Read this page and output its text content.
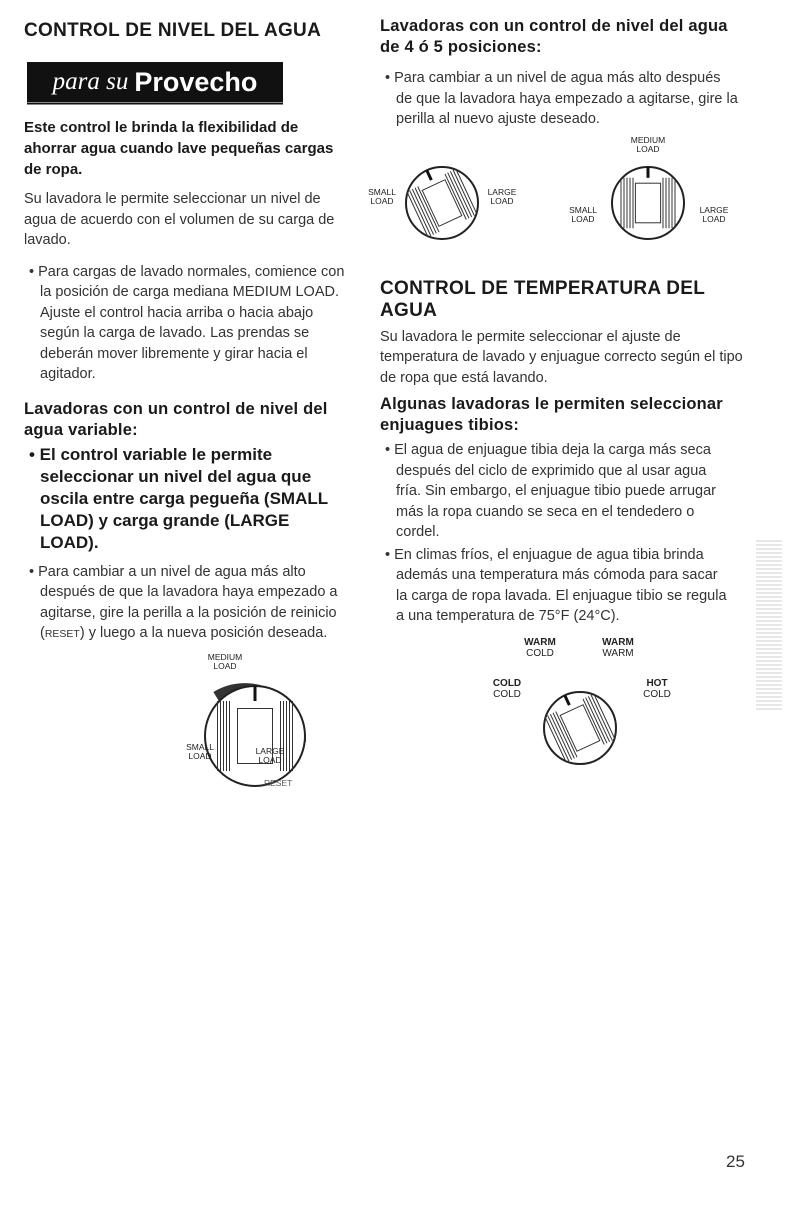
CONTROL DE NIVEL DEL AGUA
para su Provecho

Este control le brinda la flexibilidad de ahorrar agua cuando lave pequeñas cargas de ropa.

Su lavadora le permite seleccionar un nivel de agua de acuerdo con el volumen de su carga de lavado.

• Para cargas de lavado normales, comience con la posición de carga mediana MEDIUM LOAD. Ajuste el control hacia arriba o hacia abajo según la carga de lavado. Las prendas se deberán mover libremente y girar hacia el agitador.

Lavadoras con un control de nivel del agua variable:

• El control variable le permite seleccionar un nivel del agua que oscila entre carga pegueña (SMALL LOAD) y carga grande (LARGE LOAD).

• Para cambiar a un nivel de agua más alto después de que la lavadora haya empezado a agitarse, gire la perilla a la posición de reinicio (RESET) y luego a la nueva posición deseada.

MEDIUM LOAD
SMALL LOAD	LARGE LOAD
RESET
Lavadoras con un control de nivel del agua de 4 ó 5 posiciones:

• Para cambiar a un nivel de agua más alto después de que la lavadora haya empezado a agitarse, gire la perilla al nuevo ajuste deseado.

SMALL LOAD
LARGE LOAD
MEDIUM LOAD
SMALL LOAD
LARGE LOAD
CONTROL DE TEMPERATURA DEL AGUA

Su lavadora le permite seleccionar el ajuste de temperatura de lavado y enjuague correcto según el tipo de ropa que está lavando.

Algunas lavadoras le permiten seleccionar enjuagues tibios:

• El agua de enjuague tibia deja la carga más seca después del ciclo de exprimido que al usar agua fría. Sin embargo, el enjuague tibio puede arrugar más la ropa cuando se seca en el tendedero o cordel.

• En climas fríos, el enjuague de agua tibia brinda además una temperatura más cómoda para sacar la carga de ropa lavada. El enjuague tibio se regula a una temperatura de 75°F (24°C).

WARM
COLD
WARM
WARM
COLD
COLD
HOT
COLD
25
